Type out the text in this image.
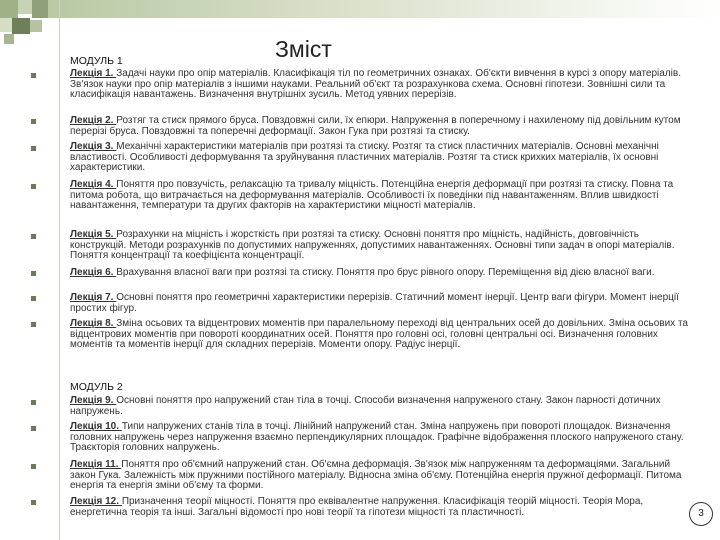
Зміст
МОДУЛЬ 1
Лекція 1. Задачі науки про опір матеріалів. Класифікація тіл по геометричних ознаках. Об'єкти вивчення в курсі з опору матеріалів. Зв'язок науки про опір матеріалів з іншими науками. Реальний об'єкт та розрахункова схема. Основні гіпотези. Зовнішні сили та класифікація навантажень. Визначення внутрішніх зусиль. Метод уявних перерізів.
Лекція 2. Розтяг та стиск прямого бруса. Повздовжні сили, їх епюри. Напруження в поперечному і нахиленому під довільним кутом перерізі бруса. Повздовжні та поперечні деформації. Закон Гука при розтязі та стиску.
Лекція 3. Механічні характеристики матеріалів при розтязі та стиску. Розтяг та стиск пластичних матеріалів. Основні механічні властивості. Особливості деформування та зруйнування пластичних матеріалів. Розтяг та стиск крихких матеріалів, їх основні характеристики.
Лекція 4. Поняття про повзучість, релаксацію та тривалу міцність. Потенційна енергія деформації при розтязі та стиску. Повна та питома робота, що витрачається на деформування матеріалів. Особливості їх поведінки під навантаженням. Вплив швидкості навантаження, температури та других факторів на характеристики міцності матеріалів.
Лекція 5. Розрахунки на міцність і жорсткість при розтязі та стиску. Основні поняття про міцність, надійність, довговічність конструкцій. Методи розрахунків по допустимих напруженнях, допустимих навантаженнях. Основні типи задач в опорі матеріалів. Поняття концентрації та коефіцієнта концентрації.
Лекція 6. Врахування власної ваги при розтязі та стиску. Поняття про брус рівного опору. Переміщення від дією власної ваги.
Лекція 7. Основні поняття про геометричні характеристики перерізів. Статичний момент інерції. Центр ваги фігури. Момент інерції простих фігур.
Лекція 8. Зміна осьових та відцентрових моментів при паралельному переході від центральних осей до довільних. Зміна осьових та відцентрових моментів при повороті координатних осей. Поняття про головні осі, головні центральні осі. Визначення головних моментів та моментів інерції для складних перерізів. Моменти опору. Радіус інерції.
МОДУЛЬ 2
Лекція 9. Основні поняття про напружений стан тіла в точці. Способи визначення напруженого стану. Закон парності дотичних напружень.
Лекція 10. Типи напружених станів тіла в точці. Лінійний напружений стан. Зміна напружень при повороті площадок. Визначення головних напружень через напруження взаємно перпендикулярних площадок. Графічне відображення плоского напруженого стану. Траєкторія головних напружень.
Лекція 11. Поняття про об'ємний напружений стан. Об'ємна деформація. Зв'язок між напруженням та деформаціями. Загальний закон Гука. Залежність між пружними постійного матеріалу. Відносна зміна об'єму. Потенційна енергія пружної деформації. Питома енергія та енергія зміни об'єму та форми.
Лекція 12. Призначення теорії міцності. Поняття про еквівалентне напруження. Класифікація теорій міцності. Теорія Мора, енергетична теорія та інші. Загальні відомості про нові теорії та гіпотези міцності та пластичності.	3
